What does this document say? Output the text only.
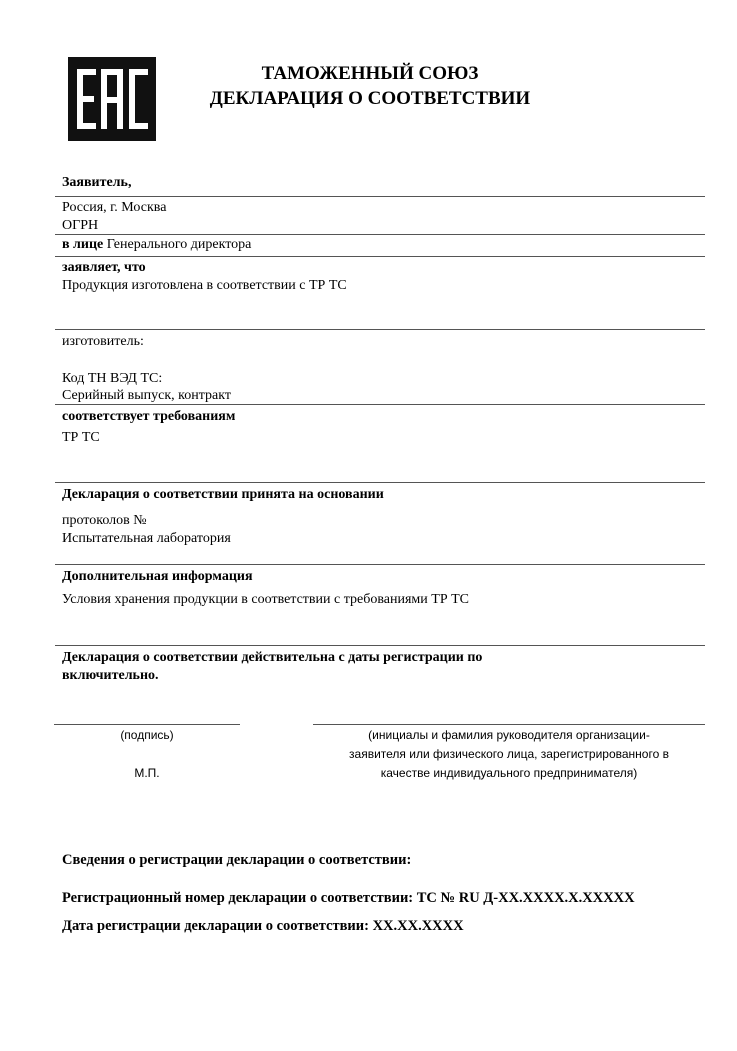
ТАМОЖЕННЫЙ СОЮЗ
ДЕКЛАРАЦИЯ О СООТВЕТСТВИИ
Заявитель,
Россия, г. Москва
ОГРН
в лице Генерального директора
заявляет, что
Продукция изготовлена в соответствии с ТР ТС
изготовитель:
Код ТН ВЭД ТС:
Серийный выпуск, контракт
соответствует требованиям
ТР ТС
Декларация о соответствии принята на основании
протоколов №
Испытательная лаборатория
Дополнительная информация
Условия хранения продукции в соответствии с требованиями ТР ТС
Декларация о соответствии действительна с даты регистрации по
включительно.
(подпись)
М.П.
(инициалы и фамилия руководителя организации-
заявителя или физического лица, зарегистрированного в
качестве индивидуального предпринимателя)
Сведения о регистрации декларации о соответствии:
Регистрационный номер декларации о соответствии: ТС № RU Д-XX.XXXX.X.XXXXX
Дата регистрации декларации о соответствии: XX.XX.XXXX
